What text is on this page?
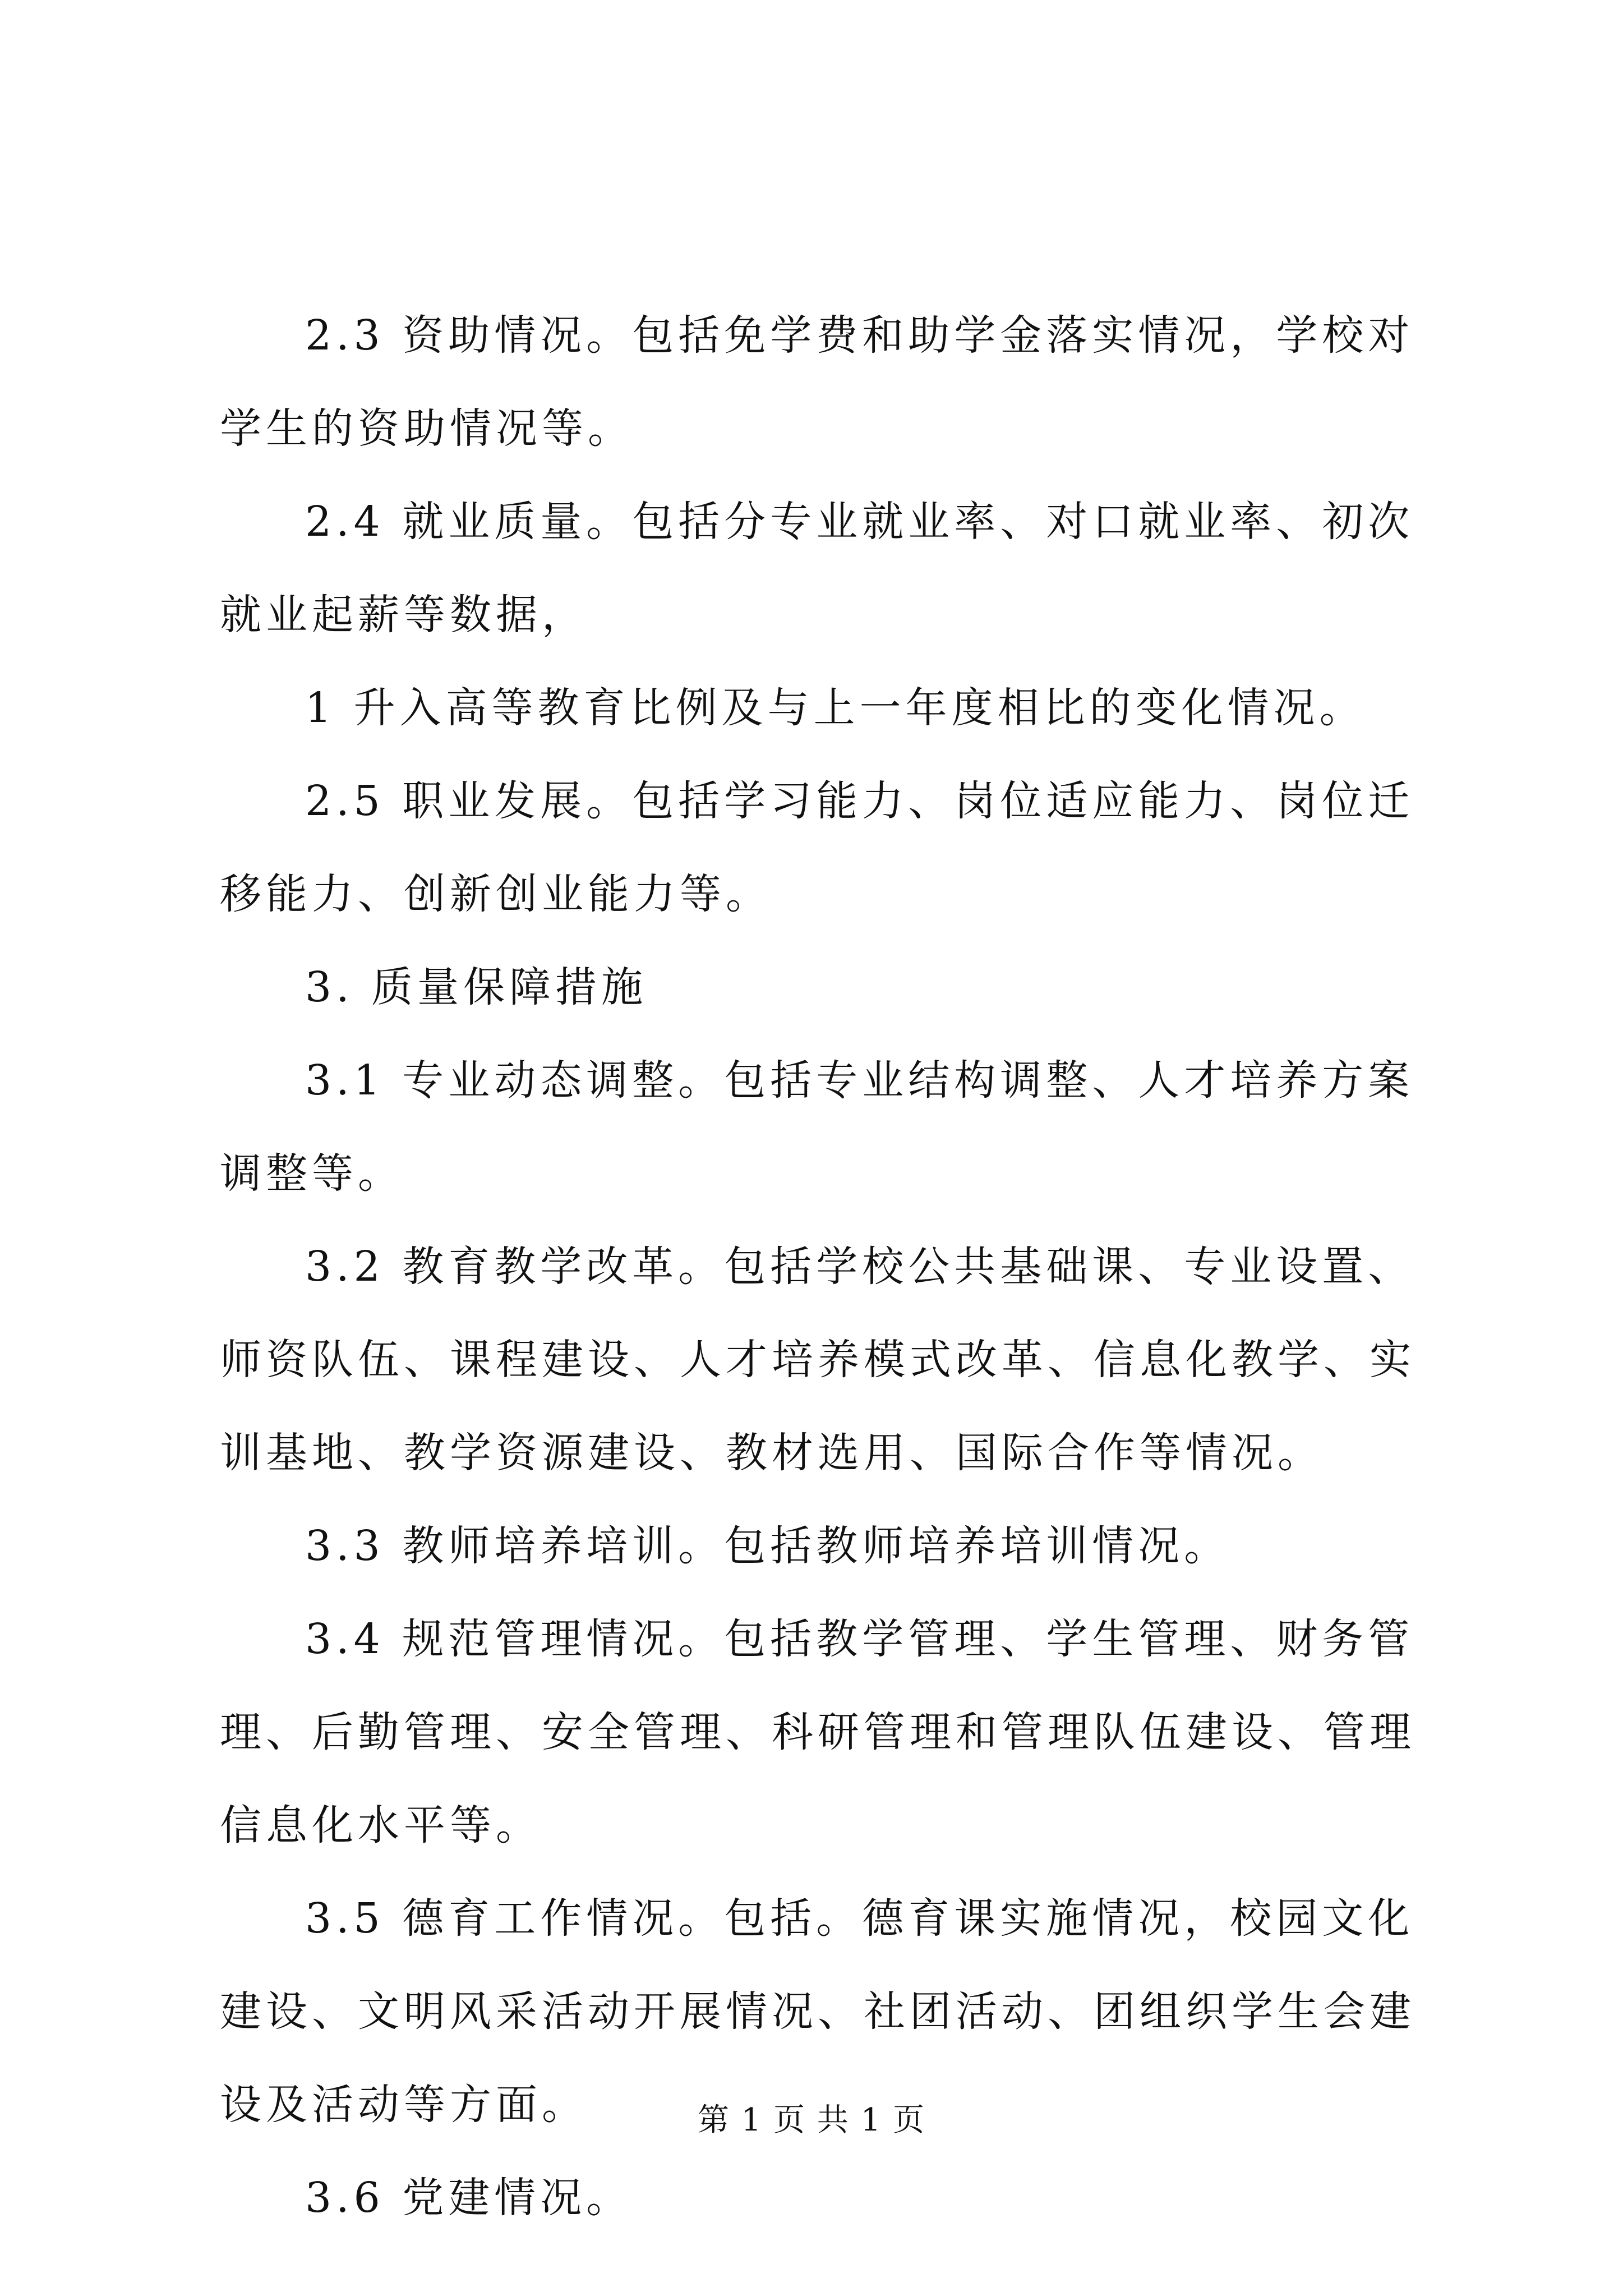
2.3 资助情况。包括免学费和助学金落实情况，学校对学生的资助情况等。

2.4 就业质量。包括分专业就业率、对口就业率、初次就业起薪等数据，

1 升入高等教育比例及与上一年度相比的变化情况。

2.5 职业发展。包括学习能力、岗位适应能力、岗位迁移能力、创新创业能力等。

3. 质量保障措施

3.1 专业动态调整。包括专业结构调整、人才培养方案调整等。

3.2 教育教学改革。包括学校公共基础课、专业设置、师资队伍、课程建设、人才培养模式改革、信息化教学、实训基地、教学资源建设、教材选用、国际合作等情况。

3.3 教师培养培训。包括教师培养培训情况。

3.4 规范管理情况。包括教学管理、学生管理、财务管理、后勤管理、安全管理、科研管理和管理队伍建设、管理信息化水平等。

3.5 德育工作情况。包括。德育课实施情况，校园文化建设、文明风采活动开展情况、社团活动、团组织学生会建设及活动等方面。

3.6 党建情况。

第 1 页 共 1 页
